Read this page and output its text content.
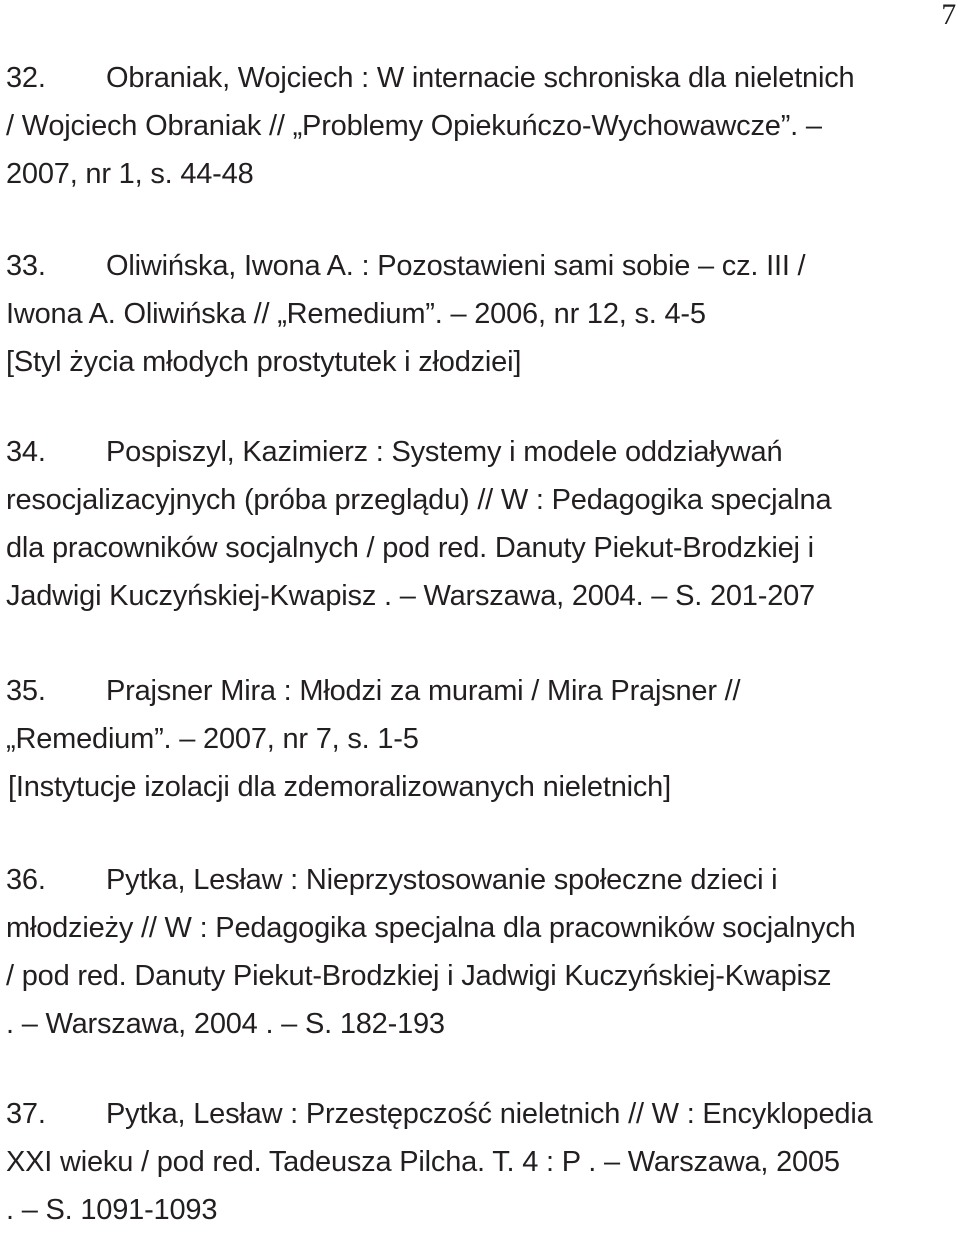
7
32. Obraniak, Wojciech : W internacie schroniska dla nieletnich
/ Wojciech Obraniak // „Problemy Opiekuńczo-Wychowawcze”. –
2007, nr 1, s. 44-48
33. Oliwińska, Iwona A. : Pozostawieni sami sobie – cz. III /
Iwona A. Oliwińska // „Remedium”. – 2006, nr 12, s. 4-5
[Styl życia młodych prostytutek i złodziei]
34. Pospiszyl, Kazimierz : Systemy i modele oddziaływań
resocjalizacyjnych (próba przeglądu) // W : Pedagogika specjalna
dla pracowników socjalnych / pod red. Danuty Piekut-Brodzkiej i
Jadwigi Kuczyńskiej-Kwapisz . – Warszawa, 2004. – S. 201-207
35. Prajsner Mira : Młodzi za murami / Mira Prajsner //
„Remedium”. – 2007, nr 7, s. 1-5
[Instytucje izolacji dla zdemoralizowanych nieletnich]
36. Pytka, Lesław : Nieprzystosowanie społeczne dzieci i
młodzieży // W : Pedagogika specjalna dla pracowników socjalnych
/ pod red. Danuty Piekut-Brodzkiej i Jadwigi Kuczyńskiej-Kwapisz
. – Warszawa, 2004 . – S. 182-193
37. Pytka, Lesław : Przestępczość nieletnich // W : Encyklopedia
XXI wieku / pod red. Tadeusza Pilcha. T. 4 : P . – Warszawa, 2005
. – S. 1091-1093
